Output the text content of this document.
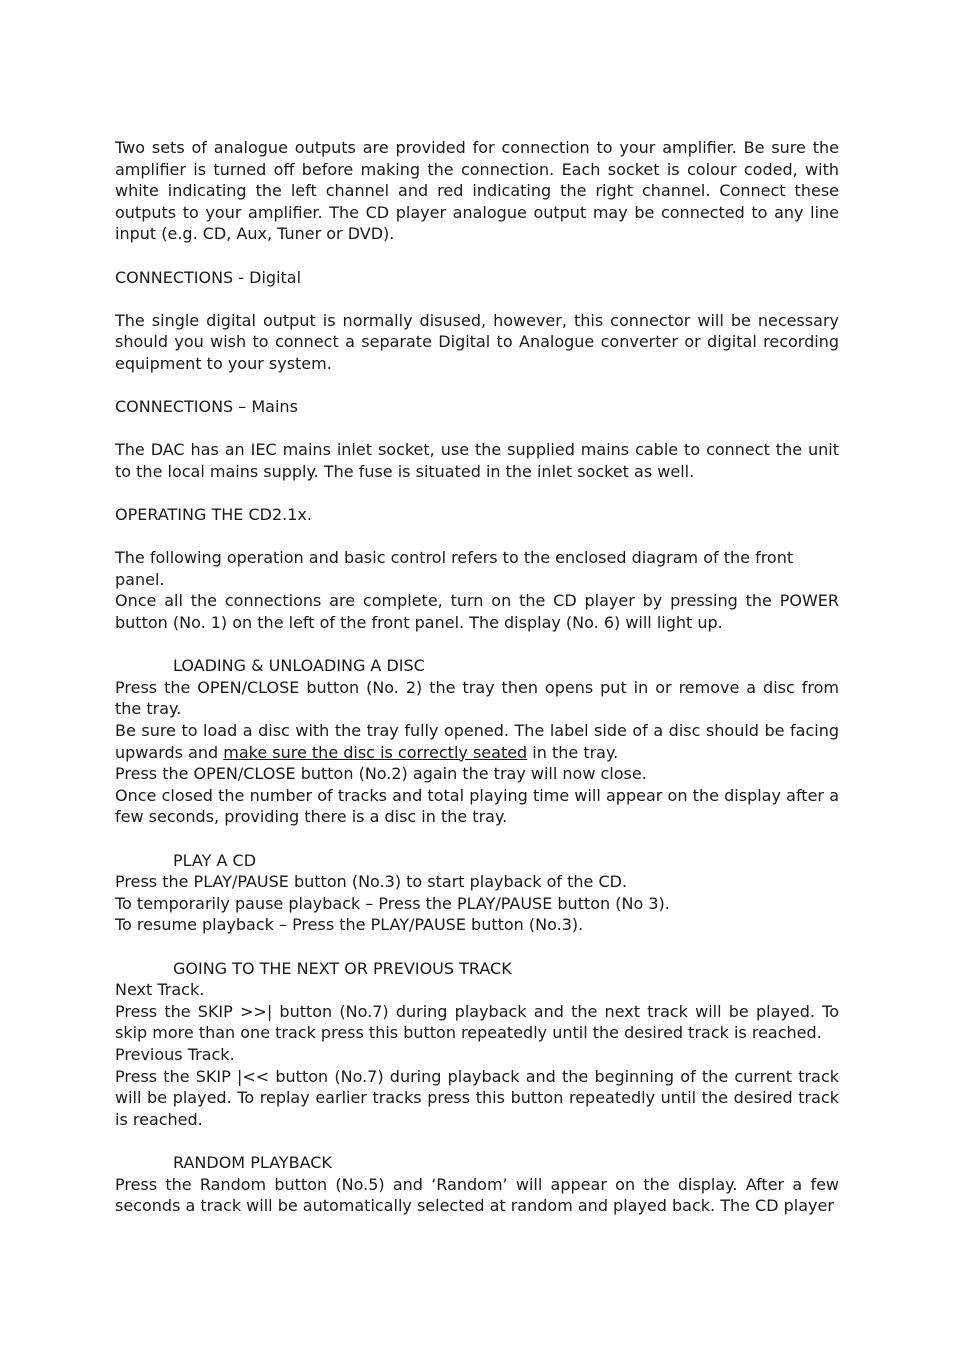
Two sets of analogue outputs are provided for connection to your amplifier. Be sure the amplifier is turned off before making the connection. Each socket is colour coded, with white indicating the left channel and red indicating the right channel. Connect these outputs to your amplifier. The CD player analogue output may be connected to any line input (e.g. CD, Aux, Tuner or DVD).

CONNECTIONS - Digital

The single digital output is normally disused, however, this connector will be necessary should you wish to connect a separate Digital to Analogue converter or digital recording equipment to your system.

CONNECTIONS – Mains

The DAC has an IEC mains inlet socket, use the supplied mains cable to connect the unit to the local mains supply. The fuse is situated in the inlet socket as well.

OPERATING THE CD2.1x.

The following operation and basic control refers to the enclosed diagram of the front panel.

Once all the connections are complete, turn on the CD player by pressing the POWER button (No. 1) on the left of the front panel. The display (No. 6) will light up.

LOADING & UNLOADING A DISC

Press the OPEN/CLOSE button (No. 2) the tray then opens put in or remove a disc from the tray.

Be sure to load a disc with the tray fully opened. The label side of a disc should be facing upwards and make sure the disc is correctly seated in the tray.

Press the OPEN/CLOSE button (No.2) again the tray will now close.

Once closed the number of tracks and total playing time will appear on the display after a few seconds, providing there is a disc in the tray.

PLAY A CD

Press the PLAY/PAUSE button (No.3) to start playback of the CD.

To temporarily pause playback – Press the PLAY/PAUSE button (No 3).

To resume playback – Press the PLAY/PAUSE button (No.3).

GOING TO THE NEXT OR PREVIOUS TRACK

Next Track.

Press the SKIP >>| button (No.7) during playback and the next track will be played. To skip more than one track press this button repeatedly until the desired track is reached.

Previous Track.

Press the SKIP |<< button (No.7) during playback and the beginning of the current track will be played. To replay earlier tracks press this button repeatedly until the desired track is reached.

RANDOM PLAYBACK

Press the Random button (No.5) and ‘Random’ will appear on the display. After a few seconds a track will be automatically selected at random and played back. The CD player
